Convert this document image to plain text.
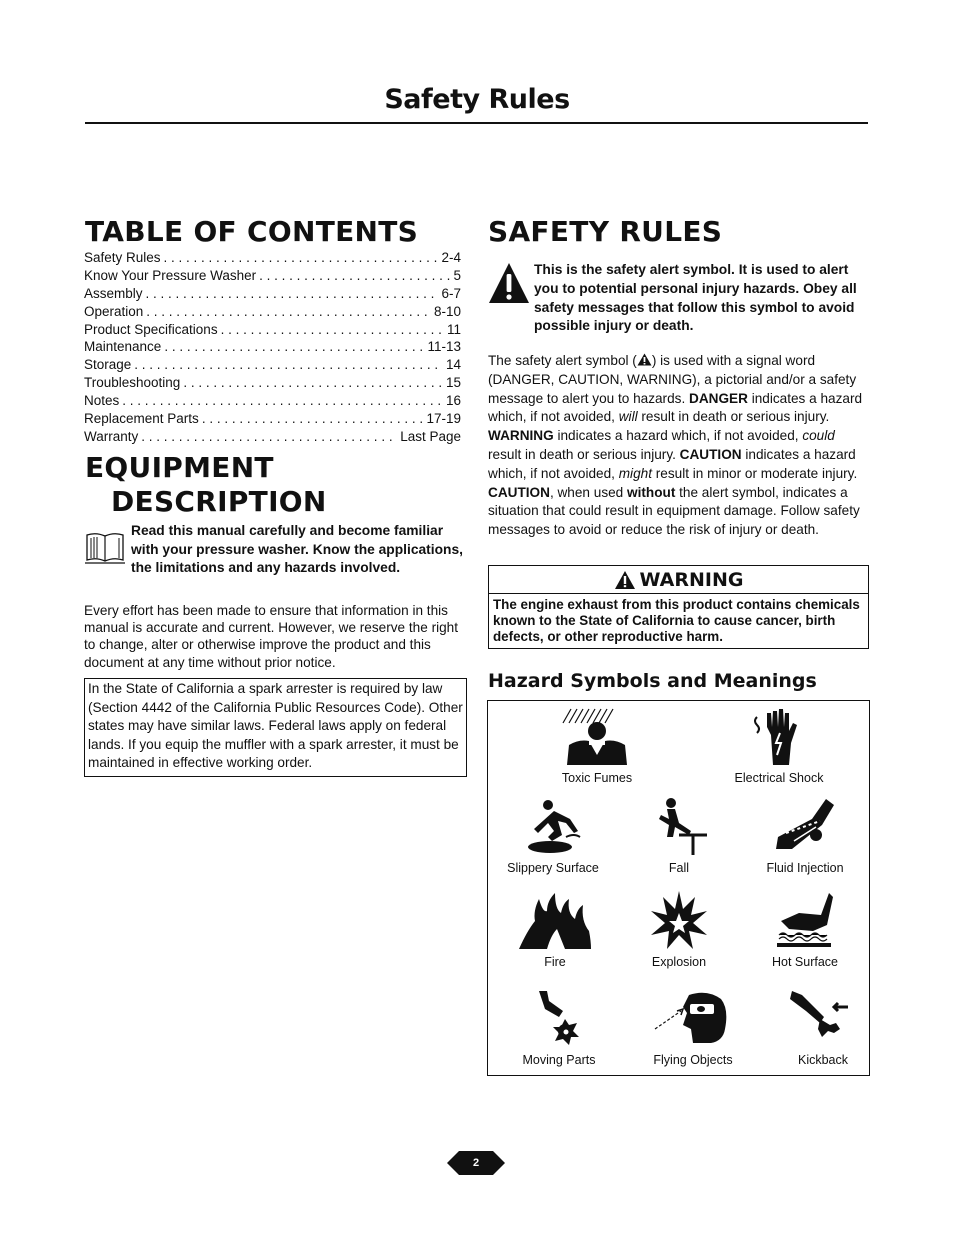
Safety Rules
TABLE OF CONTENTS
Safety Rules . . .	2-4
Know Your Pressure Washer . . .	5
Assembly . . .	6-7
Operation . . .	8-10
Product Specifications . . .	11
Maintenance . . .	11-13
Storage . . .	14
Troubleshooting . . .	15
Notes . . .	16
Replacement Parts . . .	17-19
Warranty . . .	Last Page
EQUIPMENT
DESCRIPTION
Read this manual carefully and become familiar with your pressure washer. Know the applications, the limitations and any hazards involved.
Every effort has been made to ensure that information in this manual is accurate and current. However, we reserve the right to change, alter or otherwise improve the product and this document at any time without prior notice.
In the State of California a spark arrester is required by law (Section 4442 of the California Public Resources Code). Other states may have similar laws. Federal laws apply on federal lands. If you equip the muffler with a spark arrester, it must be maintained in effective working order.
SAFETY RULES
This is the safety alert symbol. It is used to alert you to potential personal injury hazards. Obey all safety messages that follow this symbol to avoid possible injury or death.
The safety alert symbol ( ) is used with a signal word (DANGER, CAUTION, WARNING), a pictorial and/or a safety message to alert you to hazards. DANGER indicates a hazard which, if not avoided, will result in death or serious injury. WARNING indicates a hazard which, if not avoided, could result in death or serious injury. CAUTION indicates a hazard which, if not avoided, might result in minor or moderate injury. CAUTION, when used without the alert symbol, indicates a situation that could result in equipment damage. Follow safety messages to avoid or reduce the risk of injury or death.
WARNING
The engine exhaust from this product contains chemicals known to the State of California to cause cancer, birth defects, or other reproductive harm.
Hazard Symbols and Meanings
Toxic Fumes	Electrical Shock
Slippery Surface	Fall	Fluid Injection
Fire	Explosion	Hot Surface
Moving Parts	Flying Objects	Kickback
2
